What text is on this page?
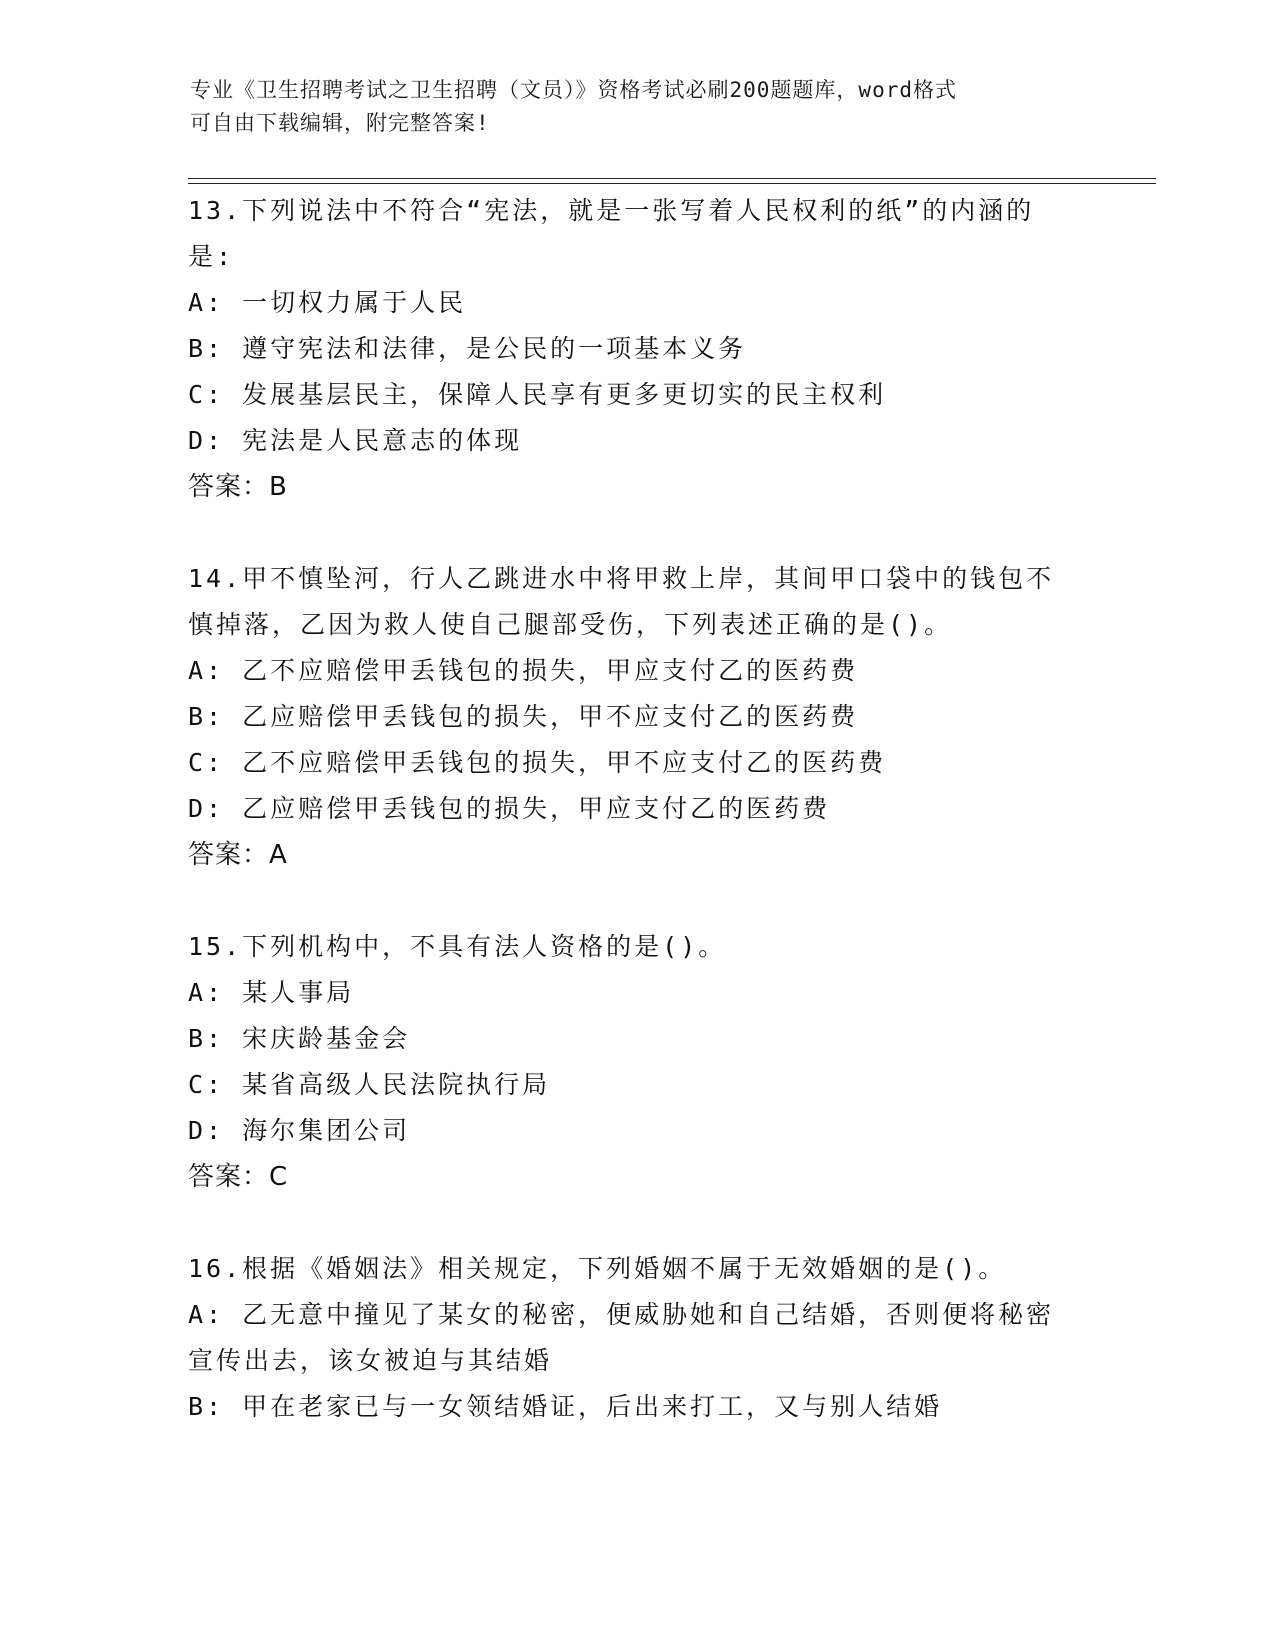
专业《卫生招聘考试之卫生招聘（文员）》资格考试必刷200题题库，word格式
可自由下载编辑，附完整答案!
13.下列说法中不符合“宪法，就是一张写着人民权利的纸”的内涵的
是:
A: 一切权力属于人民
B: 遵守宪法和法律，是公民的一项基本义务
C: 发展基层民主，保障人民享有更多更切实的民主权利
D: 宪法是人民意志的体现
答案：B
14.甲不慎坠河，行人乙跳进水中将甲救上岸，其间甲口袋中的钱包不
慎掉落，乙因为救人使自己腿部受伤，下列表述正确的是()。
A: 乙不应赔偿甲丢钱包的损失，甲应支付乙的医药费
B: 乙应赔偿甲丢钱包的损失，甲不应支付乙的医药费
C: 乙不应赔偿甲丢钱包的损失，甲不应支付乙的医药费
D: 乙应赔偿甲丢钱包的损失，甲应支付乙的医药费
答案：A
15.下列机构中，不具有法人资格的是()。
A: 某人事局
B: 宋庆龄基金会
C: 某省高级人民法院执行局
D: 海尔集团公司
答案：C
16.根据《婚姻法》相关规定，下列婚姻不属于无效婚姻的是()。
A: 乙无意中撞见了某女的秘密，便威胁她和自己结婚，否则便将秘密
宣传出去，该女被迫与其结婚
B: 甲在老家已与一女领结婚证，后出来打工，又与别人结婚
